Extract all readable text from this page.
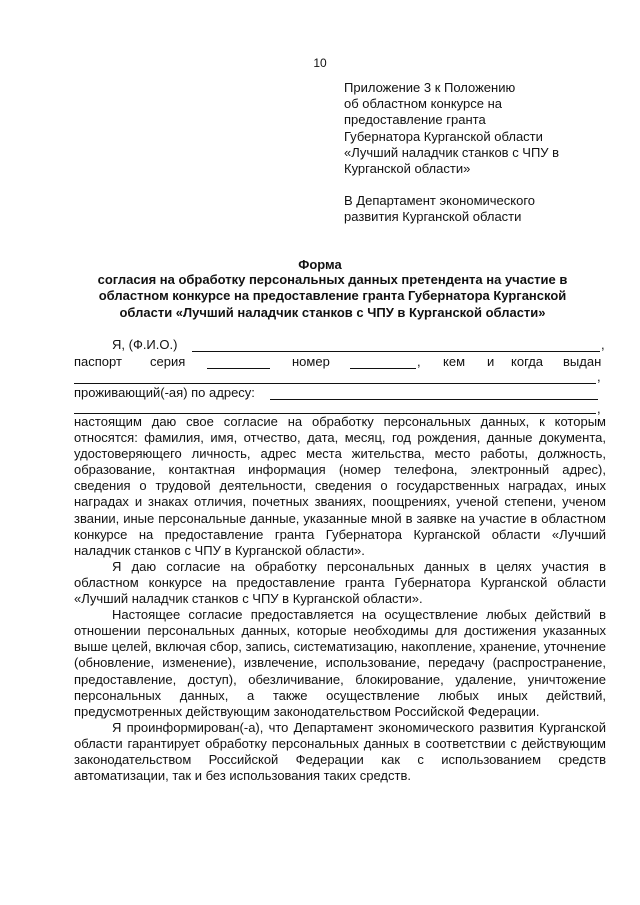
10
Приложение 3 к Положению
об областном конкурсе на
предоставление гранта
Губернатора Курганской области
«Лучший наладчик станков с ЧПУ в
Курганской области»
В Департамент экономического
развития Курганской области
Форма
согласия на обработку персональных данных претендента на участие в
областном конкурсе на предоставление гранта Губернатора Курганской
области «Лучший наладчик станков с ЧПУ в Курганской области»
Я, (Ф.И.О.)	,
паспорт серия	номер	, кем и когда выдан
,
проживающий(-ая) по адресу:
,

настоящим даю свое согласие на обработку персональных данных, к которым относятся: фамилия, имя, отчество, дата, месяц, год рождения, данные документа, удостоверяющего личность, адрес места жительства, место работы, должность, образование, контактная информация (номер телефона, электронный адрес), сведения о трудовой деятельности, сведения о государственных наградах, иных наградах и знаках отличия, почетных званиях, поощрениях, ученой степени, ученом звании, иные персональные данные, указанные мной в заявке на участие в областном конкурсе на предоставление гранта Губернатора Курганской области «Лучший наладчик станков с ЧПУ в Курганской области».

Я даю согласие на обработку персональных данных в целях участия в областном конкурсе на предоставление гранта Губернатора Курганской области «Лучший наладчик станков с ЧПУ в Курганской области».

Настоящее согласие предоставляется на осуществление любых действий в отношении персональных данных, которые необходимы для достижения указанных выше целей, включая сбор, запись, систематизацию, накопление, хранение, уточнение (обновление, изменение), извлечение, использование, передачу (распространение, предоставление, доступ), обезличивание, блокирование, удаление, уничтожение персональных данных, а также осуществление любых иных действий, предусмотренных действующим законодательством Российской Федерации.

Я проинформирован(-а), что Департамент экономического развития Курганской области гарантирует обработку персональных данных в соответствии с действующим законодательством Российской Федерации как с использованием средств автоматизации, так и без использования таких средств.
